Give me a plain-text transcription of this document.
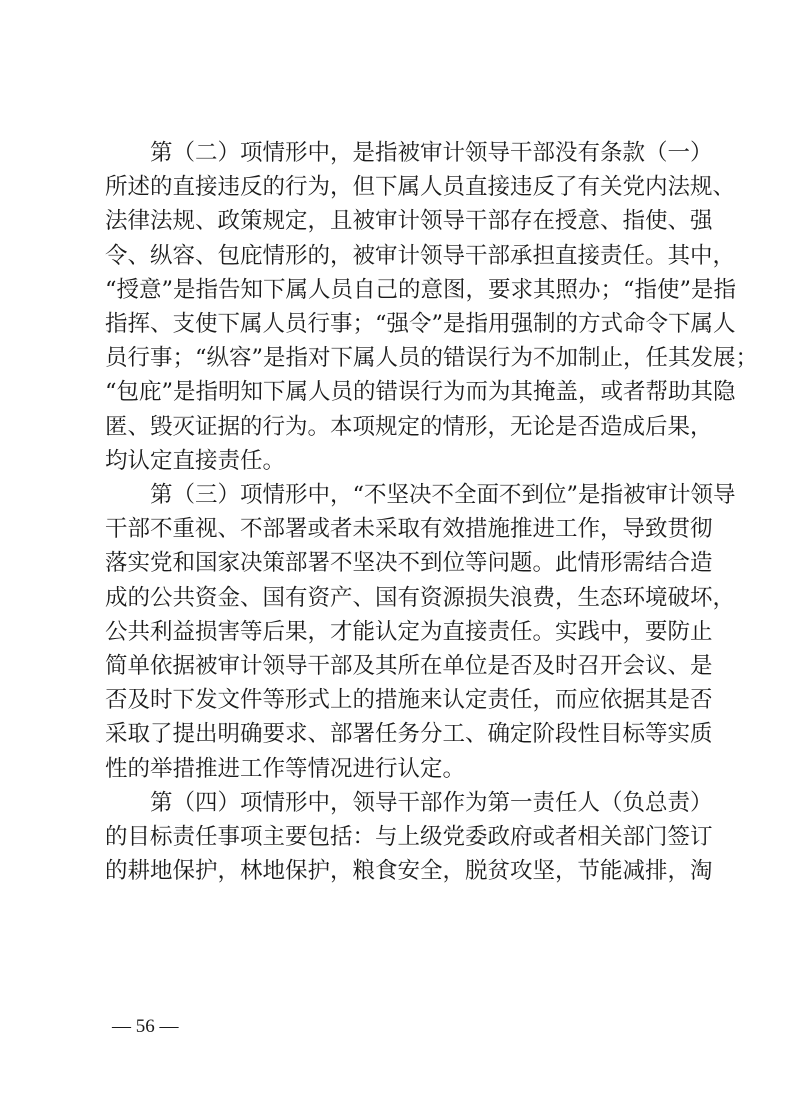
第（二）项情形中，是指被审计领导干部没有条款（一）
所述的直接违反的行为，但下属人员直接违反了有关党内法规、
法律法规、政策规定，且被审计领导干部存在授意、指使、强
令、纵容、包庇情形的，被审计领导干部承担直接责任。其中，
“授意”是指告知下属人员自己的意图，要求其照办；“指使”是指
指挥、支使下属人员行事；“强令”是指用强制的方式命令下属人
员行事；“纵容”是指对下属人员的错误行为不加制止，任其发展；
“包庇”是指明知下属人员的错误行为而为其掩盖，或者帮助其隐
匿、毁灭证据的行为。本项规定的情形，无论是否造成后果，
均认定直接责任。
第（三）项情形中，“不坚决不全面不到位”是指被审计领导
干部不重视、不部署或者未采取有效措施推进工作，导致贯彻
落实党和国家决策部署不坚决不到位等问题。此情形需结合造
成的公共资金、国有资产、国有资源损失浪费，生态环境破坏，
公共利益损害等后果，才能认定为直接责任。实践中，要防止
简单依据被审计领导干部及其所在单位是否及时召开会议、是
否及时下发文件等形式上的措施来认定责任，而应依据其是否
采取了提出明确要求、部署任务分工、确定阶段性目标等实质
性的举措推进工作等情况进行认定。
第（四）项情形中，领导干部作为第一责任人（负总责）
的目标责任事项主要包括：与上级党委政府或者相关部门签订
的耕地保护，林地保护，粮食安全，脱贫攻坚，节能减排，淘
— 56 —
